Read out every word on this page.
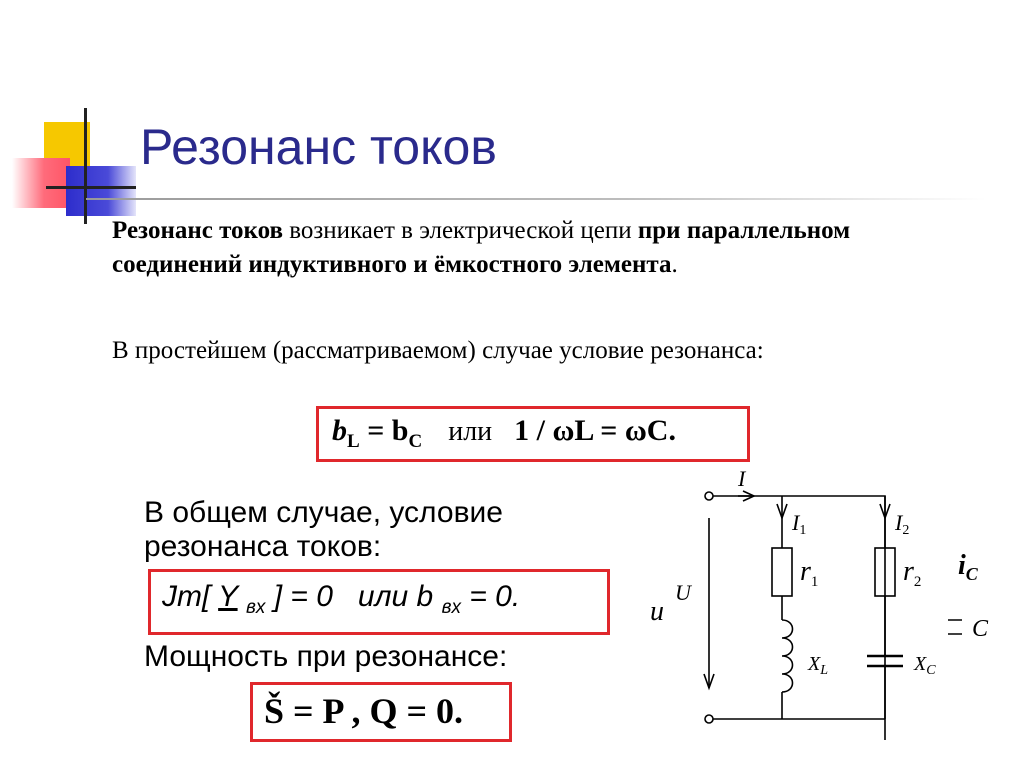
Резонанс токов
Резонанс токов возникает в электрической цепи при параллельном соединений индуктивного и ёмкостного элемента.
В простейшем (рассматриваемом) случае условие резонанса:
$b_L = b_C$ или 1 / ωL = ωC.
В общем случае, условие
резонанса токов:
Jm[ Y $_{вх}$ ] = 0   или b $_{вх}$ = 0.
Мощность при резонансе:
Š = P , Q = 0.
I
I1	I2
$r_1$	$r_2$
u
U
$X_L$	$X_C$
$i_C$
C
